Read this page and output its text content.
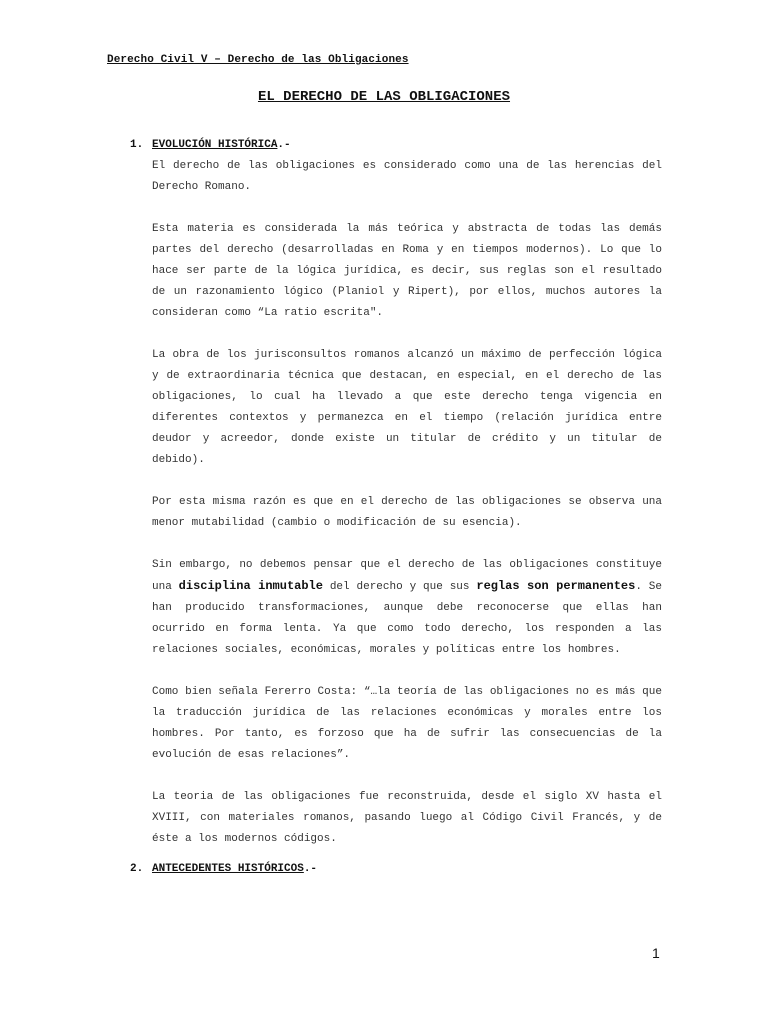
Derecho Civil V – Derecho de las Obligaciones
EL DERECHO DE LAS OBLIGACIONES
1. EVOLUCIÓN HISTÓRICA.-

El derecho de las obligaciones es considerado como una de las herencias del Derecho Romano.

Esta materia es considerada la más teórica y abstracta de todas las demás partes del derecho (desarrolladas en Roma y en tiempos modernos). Lo que lo hace ser parte de la lógica jurídica, es decir, sus reglas son el resultado de un razonamiento lógico (Planiol y Ripert), por ellos, muchos autores la consideran como “La ratio escrita".

La obra de los jurisconsultos romanos alcanzó un máximo de perfección lógica y de extraordinaria técnica que destacan, en especial, en el derecho de las obligaciones, lo cual ha llevado a que este derecho tenga vigencia en diferentes contextos y permanezca en el tiempo (relación jurídica entre deudor y acreedor, donde existe un titular de crédito y un titular de debido).

Por esta misma razón es que en el derecho de las obligaciones se observa una menor mutabilidad (cambio o modificación de su esencia).

Sin embargo, no debemos pensar que el derecho de las obligaciones constituye una disciplina inmutable del derecho y que sus reglas son permanentes. Se han producido transformaciones, aunque debe reconocerse que ellas han ocurrido en forma lenta. Ya que como todo derecho, los responden a las relaciones sociales, económicas, morales y políticas entre los hombres.

Como bien señala Fererro Costa: “…la teoría de las obligaciones no es más que la traducción jurídica de las relaciones económicas y morales entre los hombres. Por tanto, es forzoso que ha de sufrir las consecuencias de la evolución de esas relaciones”.

La teoria de las obligaciones fue reconstruida, desde el siglo XV hasta el XVIII, con materiales romanos, pasando luego al Código Civil Francés, y de éste a los modernos códigos.

2. ANTECEDENTES HISTÓRICOS.-
1
